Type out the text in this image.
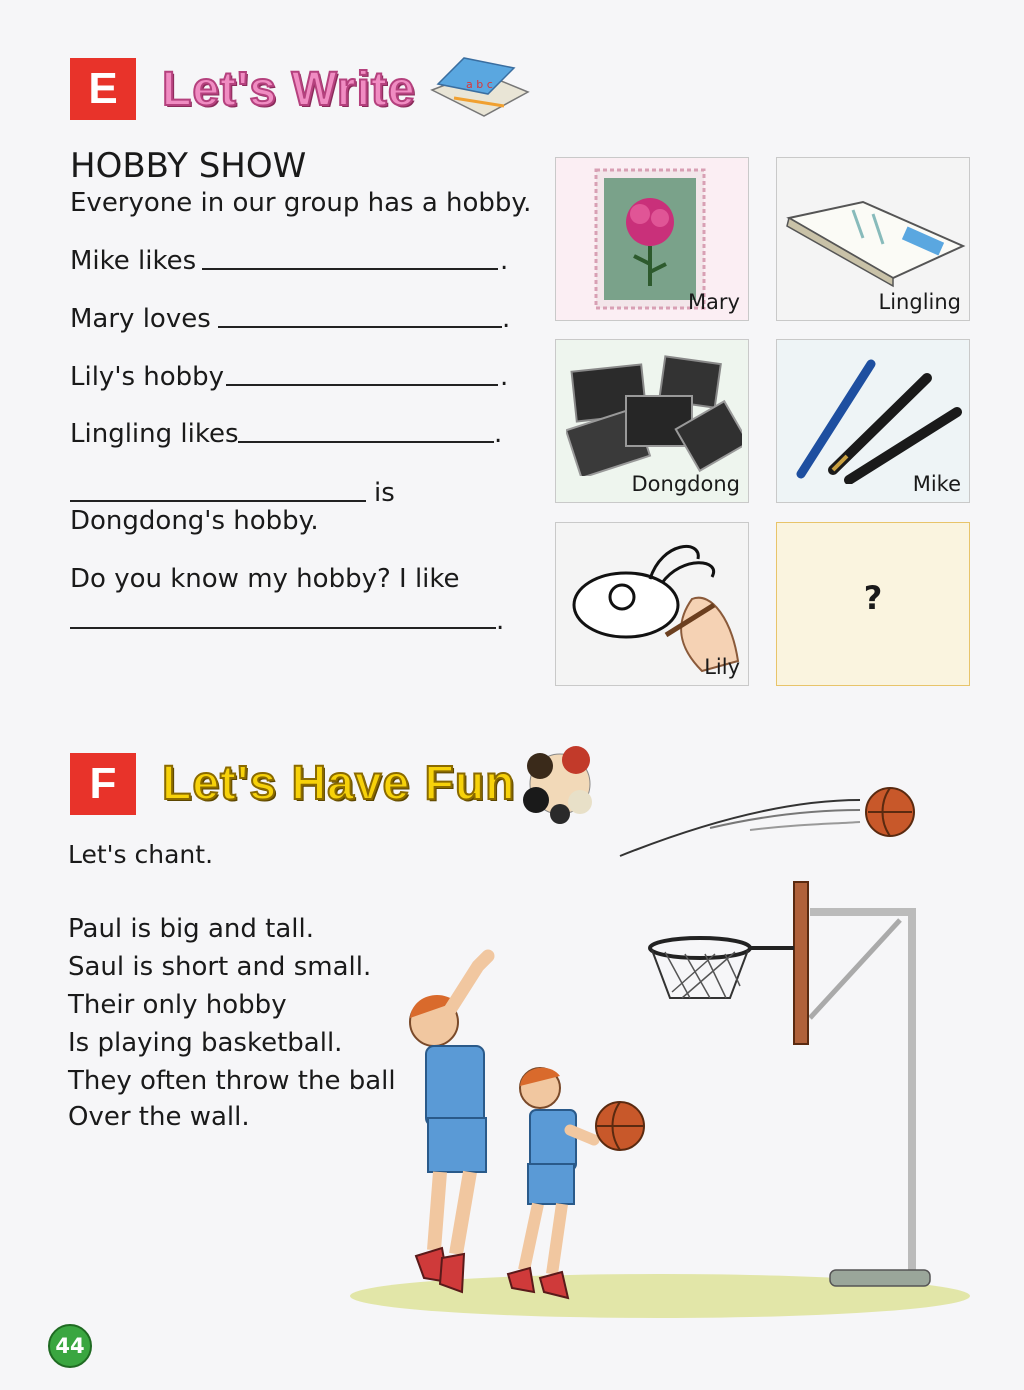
E Let's Write	a b c
HOBBY SHOW
Everyone in our group has a hobby.
Mike likes	.
Mary loves	.
Lily's hobby	.
Lingling likes	.
is
Dongdong's hobby.
Do you know my hobby? I like
.
Mary	Lingling
Dongdong	Mike
Lily
?
F Let's Have Fun
Let's chant.
Paul is big and tall.
Saul is short and small.
Their only hobby
Is playing basketball.
They often throw the ball
Over the wall.
44
